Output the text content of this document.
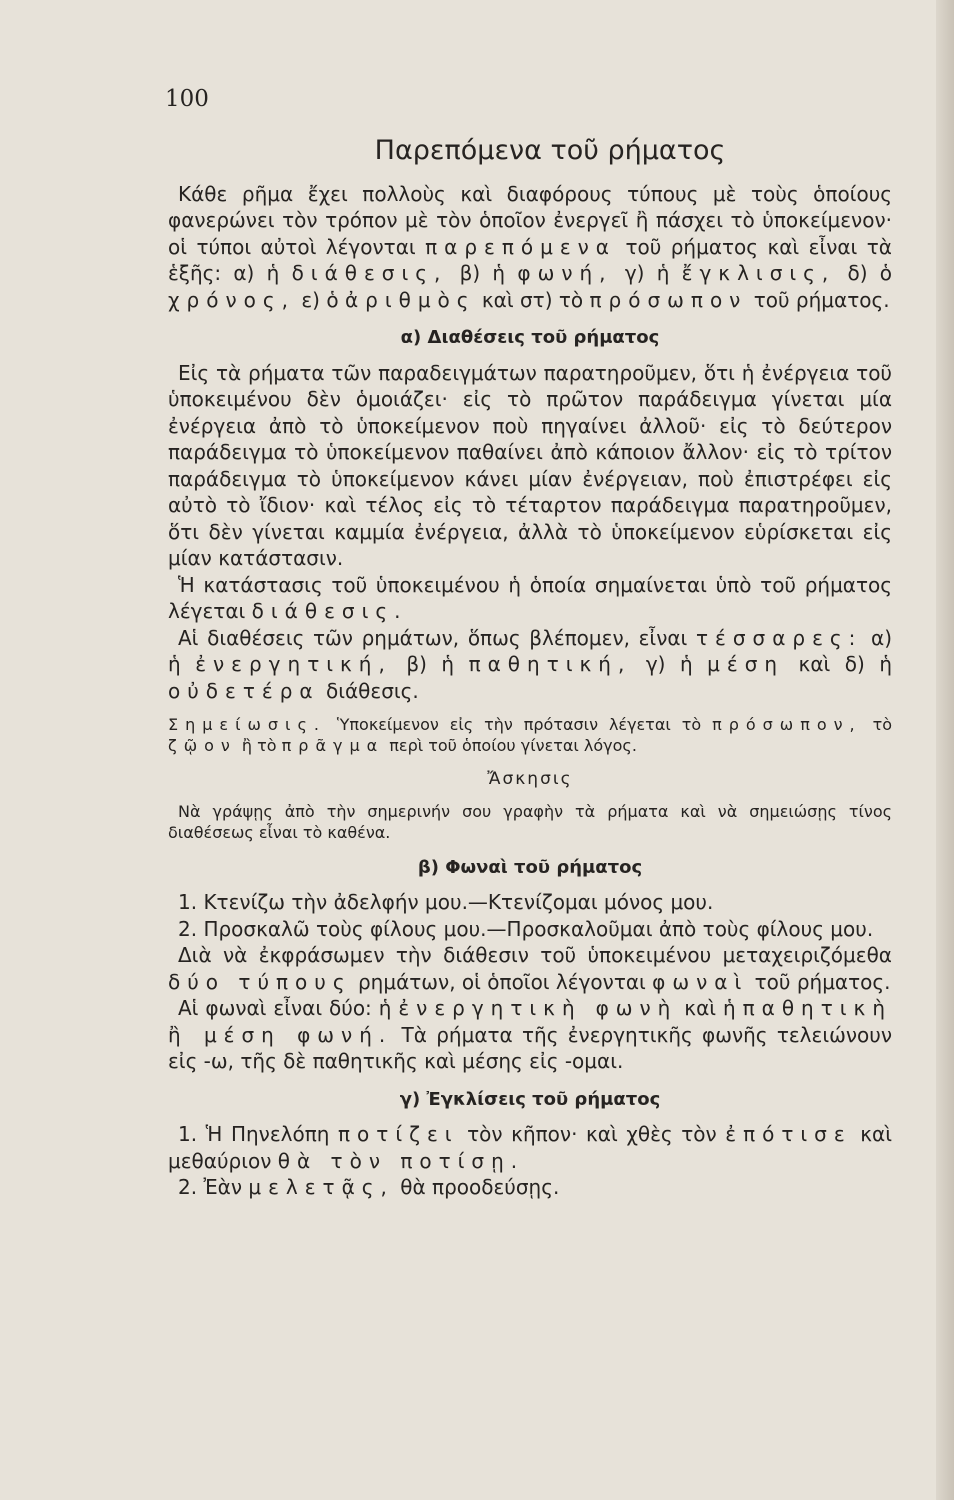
100
Παρεπόμενα τοῦ ρήματος

Κάθε ρῆμα ἔχει πολλοὺς καὶ διαφόρους τύπους μὲ τοὺς ὁποίους φανερώνει τὸν τρόπον μὲ τὸν ὁποῖον ἐνεργεῖ ἢ πάσχει τὸ ὑποκείμενον· οἱ τύποι αὐτοὶ λέγονται παρεπόμενα τοῦ ρήματος καὶ εἶναι τὰ ἑξῆς: α) ἡ διάθεσις, β) ἡ φωνή, γ) ἡ ἔγκλισις, δ) ὁ χρόνος, ε) ὁ ἀριθμὸς καὶ στ) τὸ πρόσωπον τοῦ ρήματος.

α) Διαθέσεις τοῦ ρήματος

Εἰς τὰ ρήματα τῶν παραδειγμάτων παρατηροῦμεν, ὅτι ἡ ἐνέργεια τοῦ ὑποκειμένου δὲν ὁμοιάζει· εἰς τὸ πρῶτον παράδειγμα γίνεται μία ἐνέργεια ἀπὸ τὸ ὑποκείμενον ποὺ πηγαίνει ἀλλοῦ· εἰς τὸ δεύτερον παράδειγμα τὸ ὑποκείμενον παθαίνει ἀπὸ κάποιον ἄλλον· εἰς τὸ τρίτον παράδειγμα τὸ ὑποκείμενον κάνει μίαν ἐνέργειαν, ποὺ ἐπιστρέφει εἰς αὐτὸ τὸ ἴδιον· καὶ τέλος εἰς τὸ τέταρτον παράδειγμα παρατηροῦμεν, ὅτι δὲν γίνεται καμμία ἐνέργεια, ἀλλὰ τὸ ὑποκείμενον εὑρίσκεται εἰς μίαν κατάστασιν.

Ἡ κατάστασις τοῦ ὑποκειμένου ἡ ὁποία σημαίνεται ὑπὸ τοῦ ρήματος λέγεται διάθεσις.

Αἱ διαθέσεις τῶν ρημάτων, ὅπως βλέπομεν, εἶναι τέσσαρες: α) ἡ ἐνεργητική, β) ἡ παθητική, γ) ἡ μέση καὶ δ) ἡ οὐδετέρα διάθεσις.

Σημείωσις. Ὑποκείμενον εἰς τὴν πρότασιν λέγεται τὸ πρόσωπον, τὸ ζῷον ἢ τὸ πρᾶγμα περὶ τοῦ ὁποίου γίνεται λόγος.

Ἄσκησις

Νὰ γράψῃς ἀπὸ τὴν σημερινήν σου γραφὴν τὰ ρήματα καὶ νὰ σημειώσῃς τίνος διαθέσεως εἶναι τὸ καθένα.

β) Φωναὶ τοῦ ρήματος

1. Κτενίζω τὴν ἀδελφήν μου.—Κτενίζομαι μόνος μου.

2. Προσκαλῶ τοὺς φίλους μου.—Προσκαλοῦμαι ἀπὸ τοὺς φίλους μου.

Διὰ νὰ ἐκφράσωμεν τὴν διάθεσιν τοῦ ὑποκειμένου μεταχειριζόμεθα δύο τύπους ρημάτων, οἱ ὁποῖοι λέγονται φωναὶ τοῦ ρήματος.

Αἱ φωναὶ εἶναι δύο: ἡ ἐνεργητικὴ φωνὴ καὶ ἡ παθητικὴ ἢ μέση φωνή. Τὰ ρήματα τῆς ἐνεργητικῆς φωνῆς τελειώνουν εἰς -ω, τῆς δὲ παθητικῆς καὶ μέσης εἰς -ομαι.

γ) Ἐγκλίσεις τοῦ ρήματος

1. Ἡ Πηνελόπη ποτίζει τὸν κῆπον· καὶ χθὲς τὸν ἐπότισε καὶ μεθαύριον θὰ τὸν ποτίσῃ.

2. Ἐὰν μελετᾷς, θὰ προοδεύσῃς.
